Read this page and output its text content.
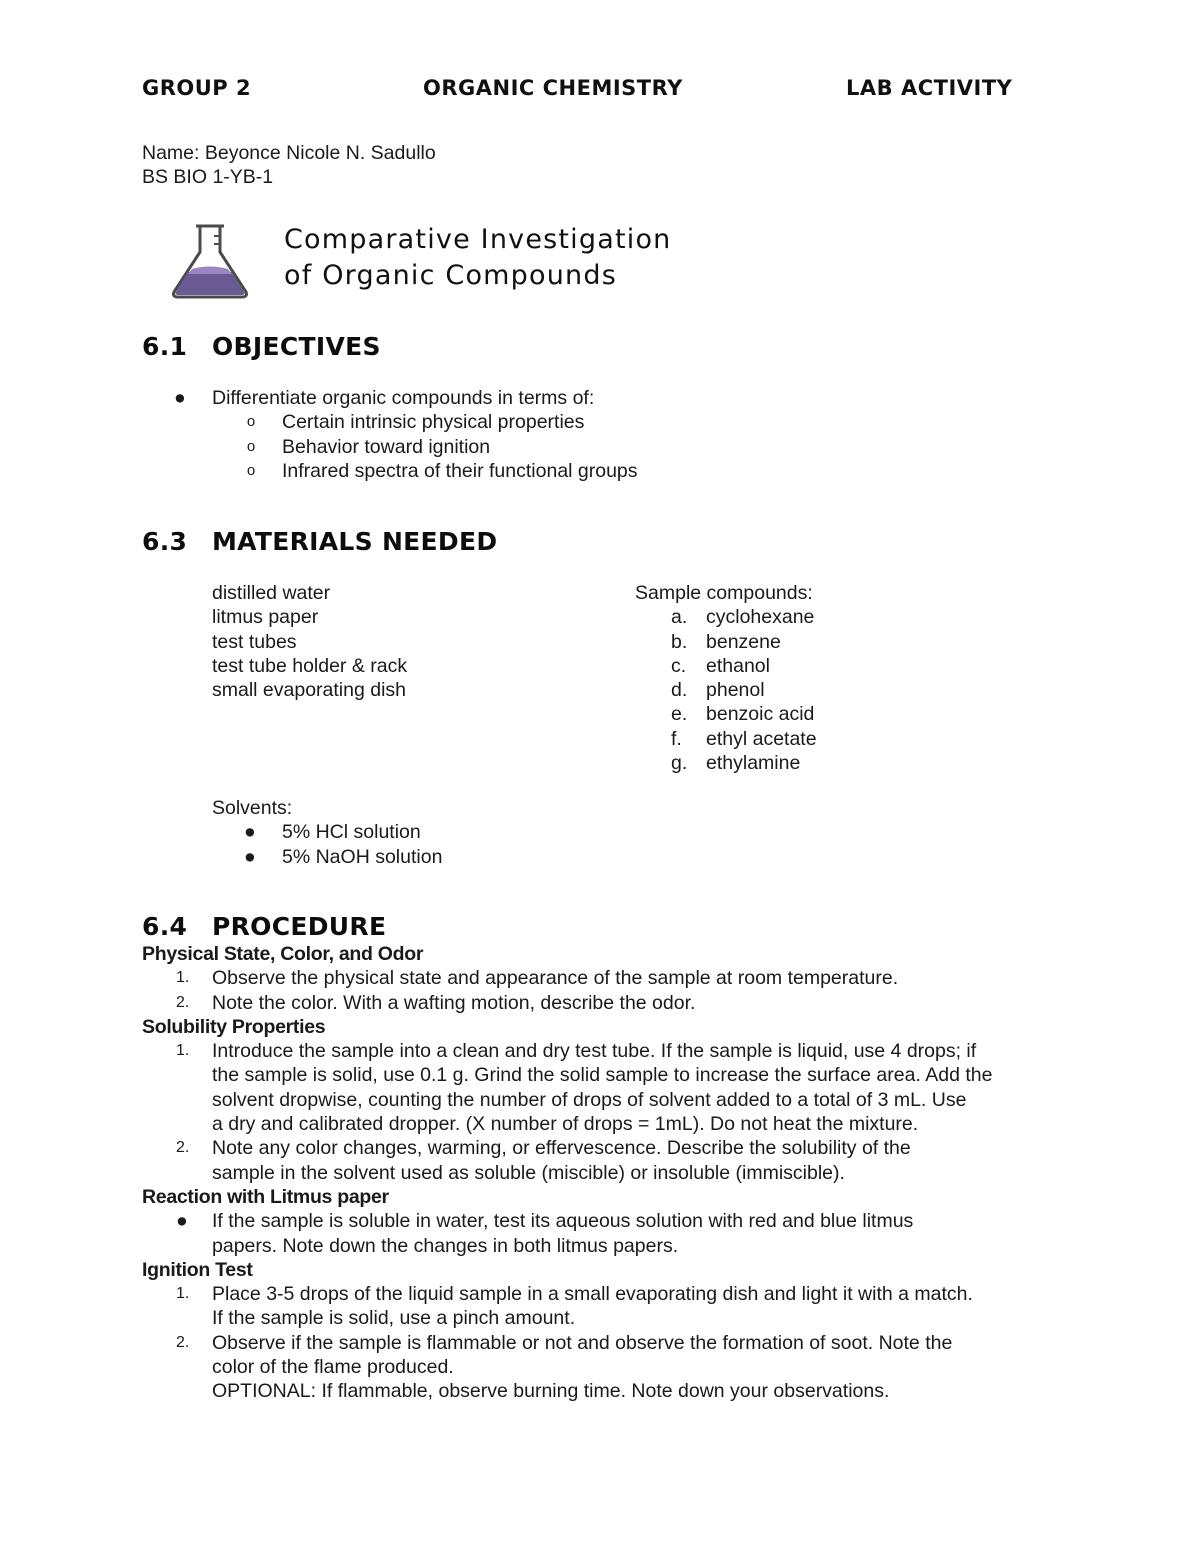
GROUP 2	ORGANIC CHEMISTRY	LAB ACTIVITY
Name: Beyonce Nicole N. Sadullo
BS BIO 1-YB-1
Comparative Investigation
of Organic Compounds
6.1 OBJECTIVES
● Differentiate organic compounds in terms of:
o Certain intrinsic physical properties
o Behavior toward ignition
o Infrared spectra of their functional groups
6.3 MATERIALS NEEDED
distilled water
litmus paper
test tubes
test tube holder & rack
small evaporating dish
Sample compounds:
a. cyclohexane
b. benzene
c. ethanol
d. phenol
e. benzoic acid
f. ethyl acetate
g. ethylamine
Solvents:
● 5% HCl solution
● 5% NaOH solution
6.4 PROCEDURE
Physical State, Color, and Odor
1. Observe the physical state and appearance of the sample at room temperature.
2. Note the color. With a wafting motion, describe the odor.
Solubility Properties
1. Introduce the sample into a clean and dry test tube. If the sample is liquid, use 4 drops; if
the sample is solid, use 0.1 g. Grind the solid sample to increase the surface area. Add the
solvent dropwise, counting the number of drops of solvent added to a total of 3 mL. Use
a dry and calibrated dropper. (X number of drops = 1mL). Do not heat the mixture.
2. Note any color changes, warming, or effervescence. Describe the solubility of the
sample in the solvent used as soluble (miscible) or insoluble (immiscible).
Reaction with Litmus paper
● If the sample is soluble in water, test its aqueous solution with red and blue litmus
papers. Note down the changes in both litmus papers.
Ignition Test
1. Place 3-5 drops of the liquid sample in a small evaporating dish and light it with a match.
If the sample is solid, use a pinch amount.
2. Observe if the sample is flammable or not and observe the formation of soot. Note the
color of the flame produced.
OPTIONAL: If flammable, observe burning time. Note down your observations.
